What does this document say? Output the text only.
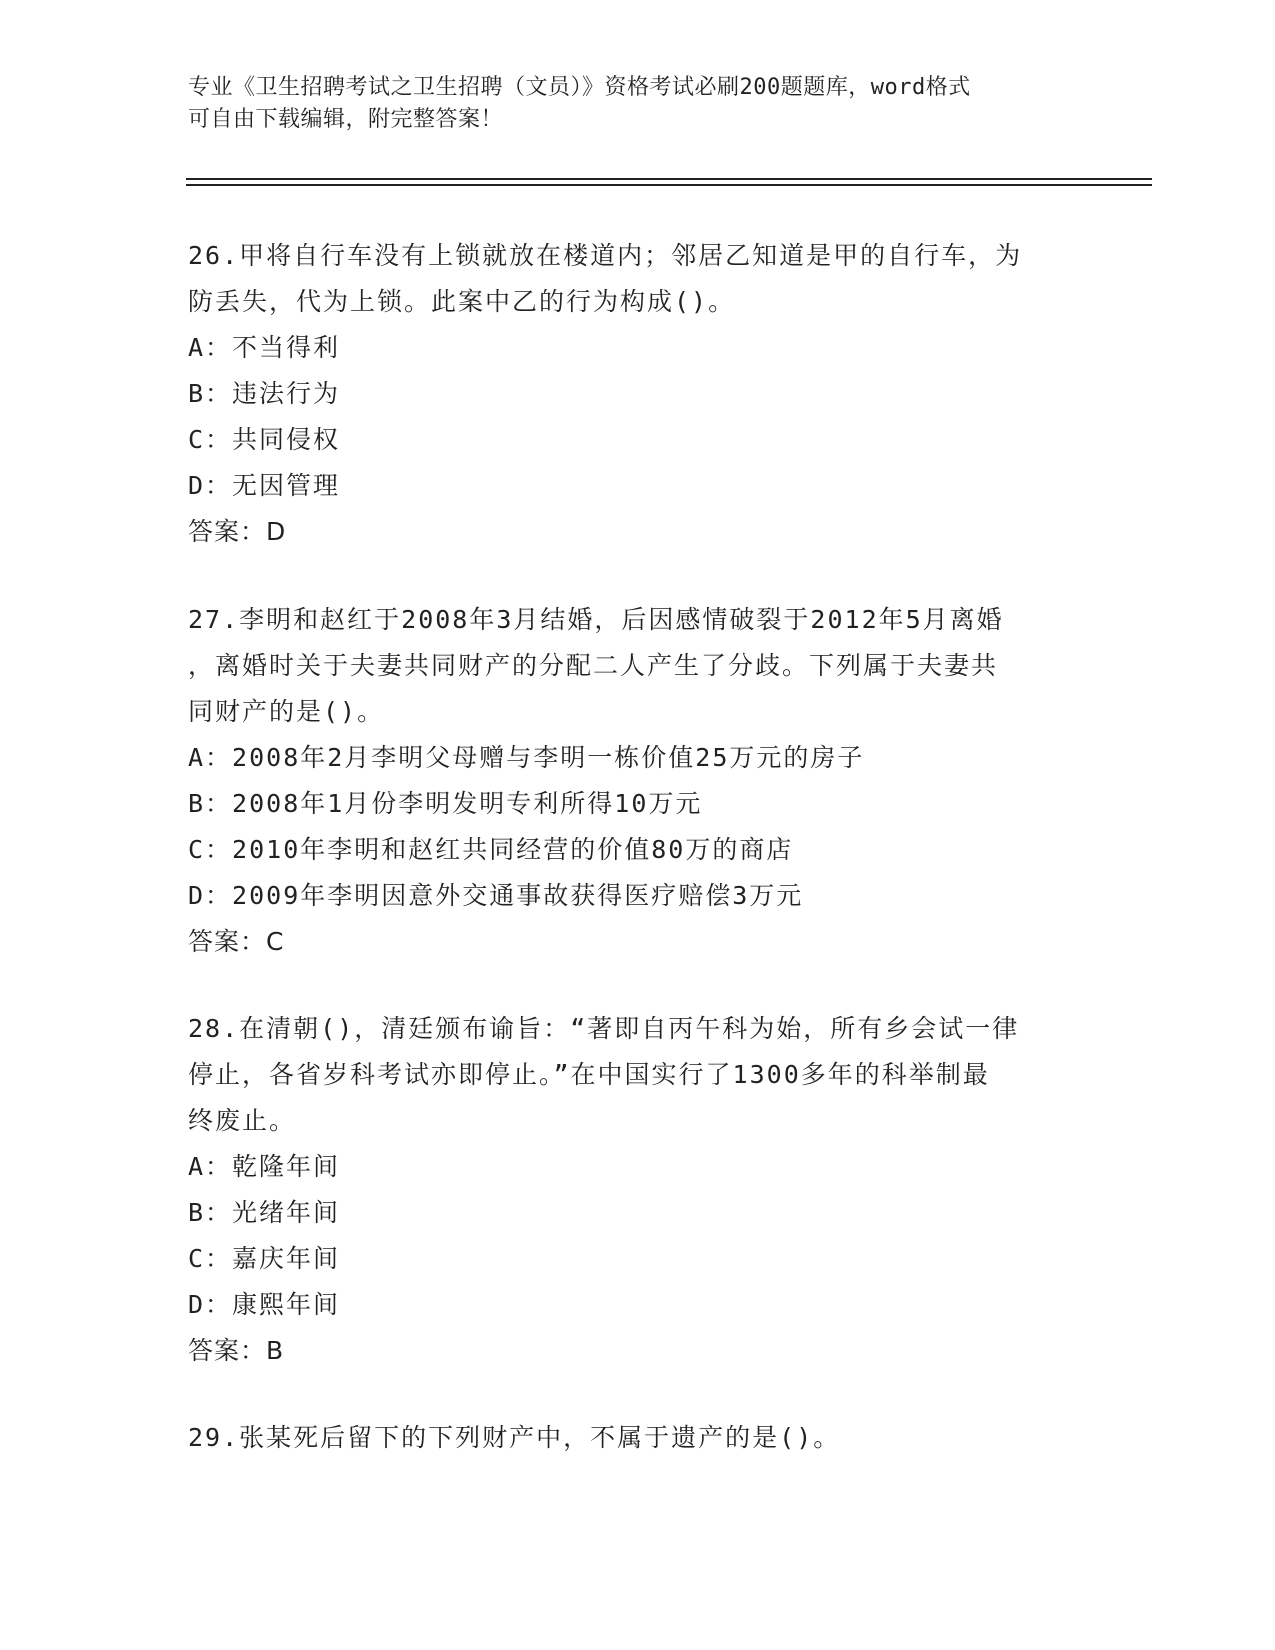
专业《卫生招聘考试之卫生招聘（文员）》资格考试必刷200题题库，word格式
可自由下载编辑，附完整答案！

26.甲将自行车没有上锁就放在楼道内；邻居乙知道是甲的自行车，为

防丢失，代为上锁。此案中乙的行为构成()。

A：不当得利

B：违法行为

C：共同侵权

D：无因管理

答案：D

27.李明和赵红于2008年3月结婚，后因感情破裂于2012年5月离婚

，离婚时关于夫妻共同财产的分配二人产生了分歧。下列属于夫妻共

同财产的是()。

A：2008年2月李明父母赠与李明一栋价值25万元的房子

B：2008年1月份李明发明专利所得10万元

C：2010年李明和赵红共同经营的价值80万的商店

D：2009年李明因意外交通事故获得医疗赔偿3万元

答案：C

28.在清朝()，清廷颁布谕旨：“著即自丙午科为始，所有乡会试一律

停止，各省岁科考试亦即停止。”在中国实行了1300多年的科举制最

终废止。

A：乾隆年间

B：光绪年间

C：嘉庆年间

D：康熙年间

答案：B

29.张某死后留下的下列财产中，不属于遗产的是()。
